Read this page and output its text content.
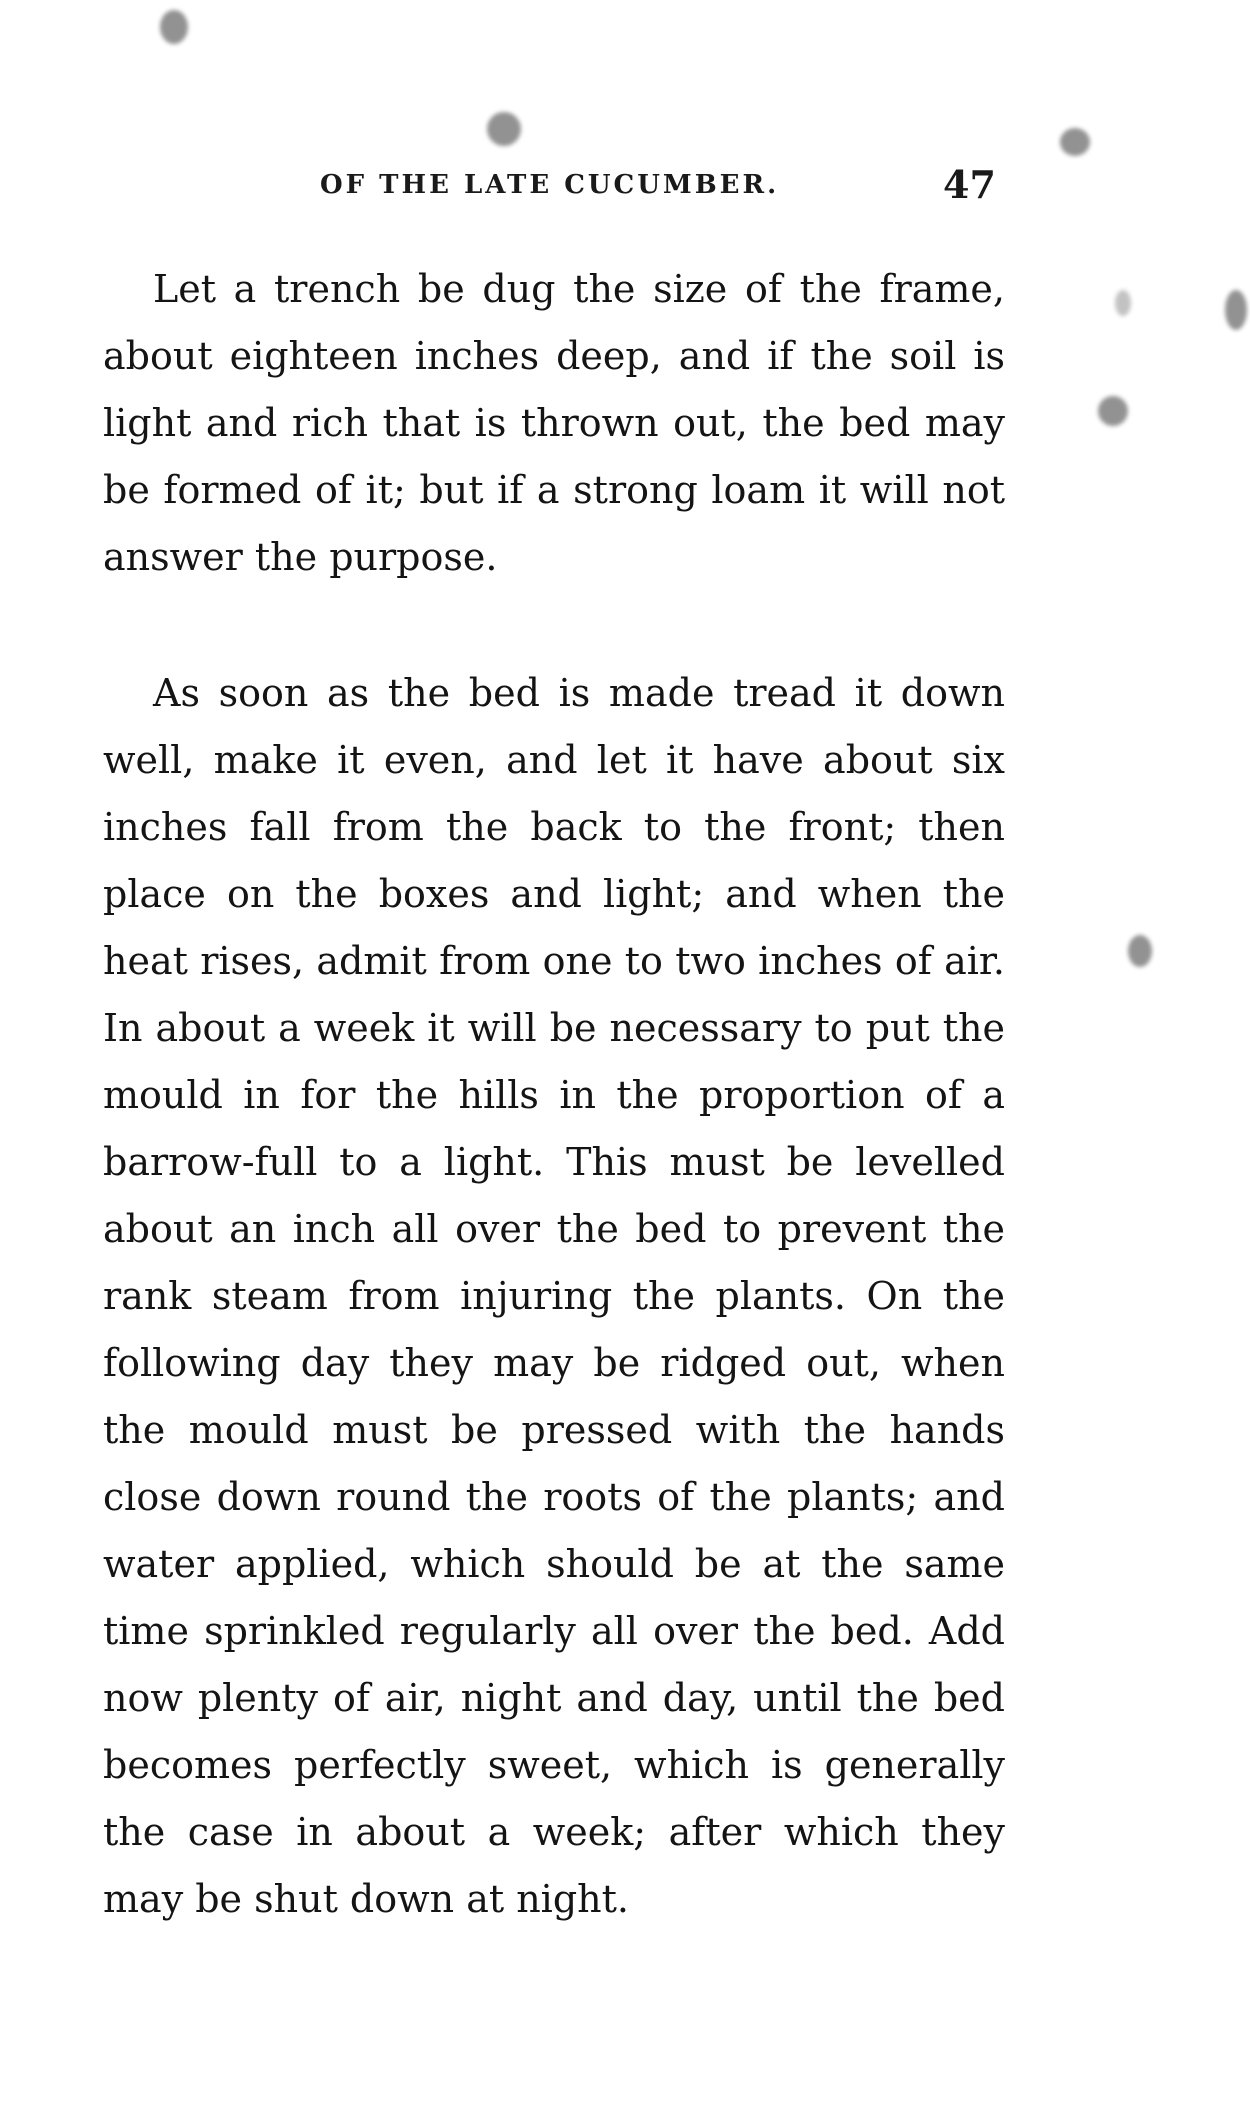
OF THE LATE CUCUMBER.	47

Let a trench be dug the size of the frame, about eighteen inches deep, and if the soil is light and rich that is thrown out, the bed may be formed of it; but if a strong loam it will not answer the purpose.

As soon as the bed is made tread it down well, make it even, and let it have about six inches fall from the back to the front; then place on the boxes and light; and when the heat rises, admit from one to two inches of air. In about a week it will be necessary to put the mould in for the hills in the proportion of a barrow-full to a light. This must be levelled about an inch all over the bed to prevent the rank steam from injuring the plants. On the following day they may be ridged out, when the mould must be pressed with the hands close down round the roots of the plants; and water applied, which should be at the same time sprinkled regularly all over the bed. Add now plenty of air, night and day, until the bed becomes perfectly sweet, which is generally the case in about a week; after which they may be shut down at night.
